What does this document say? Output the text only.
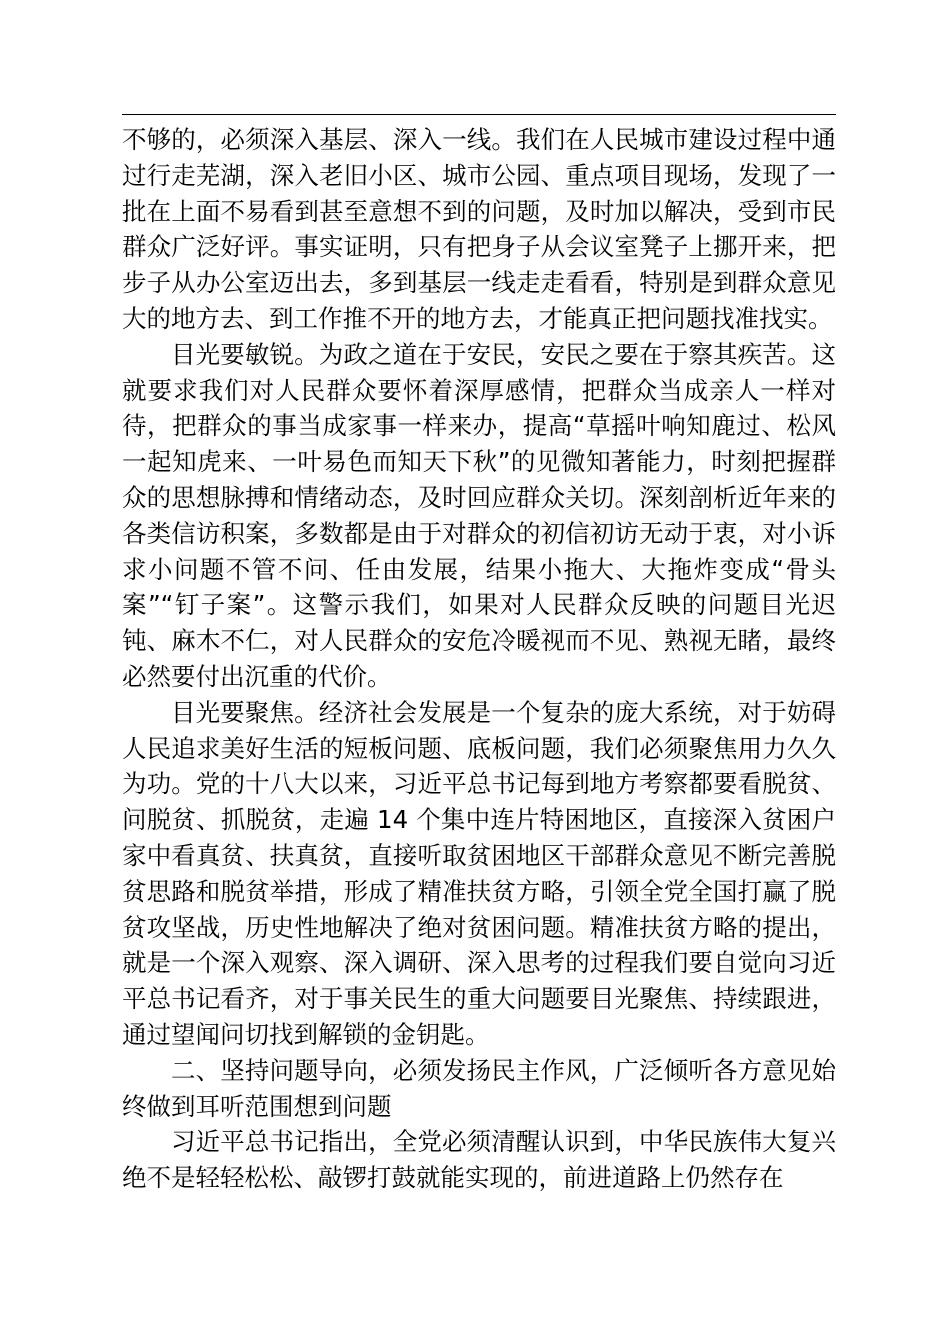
不够的，必须深入基层、深入一线。我们在人民城市建设过程中通过行走芜湖，深入老旧小区、城市公园、重点项目现场，发现了一批在上面不易看到甚至意想不到的问题，及时加以解决，受到市民群众广泛好评。事实证明，只有把身子从会议室凳子上挪开来，把步子从办公室迈出去，多到基层一线走走看看，特别是到群众意见大的地方去、到工作推不开的地方去，才能真正把问题找准找实。

目光要敏锐。为政之道在于安民，安民之要在于察其疾苦。这就要求我们对人民群众要怀着深厚感情，把群众当成亲人一样对待，把群众的事当成家事一样来办，提高“草摇叶响知鹿过、松风一起知虎来、一叶易色而知天下秋”的见微知著能力，时刻把握群众的思想脉搏和情绪动态，及时回应群众关切。深刻剖析近年来的各类信访积案，多数都是由于对群众的初信初访无动于衷，对小诉求小问题不管不问、任由发展，结果小拖大、大拖炸变成“骨头案”“钉子案”。这警示我们，如果对人民群众反映的问题目光迟钝、麻木不仁，对人民群众的安危冷暖视而不见、熟视无睹，最终必然要付出沉重的代价。

目光要聚焦。经济社会发展是一个复杂的庞大系统，对于妨碍人民追求美好生活的短板问题、底板问题，我们必须聚焦用力久久为功。党的十八大以来，习近平总书记每到地方考察都要看脱贫、问脱贫、抓脱贫，走遍 14 个集中连片特困地区，直接深入贫困户家中看真贫、扶真贫，直接听取贫困地区干部群众意见不断完善脱贫思路和脱贫举措，形成了精准扶贫方略，引领全党全国打赢了脱贫攻坚战，历史性地解决了绝对贫困问题。精准扶贫方略的提出，就是一个深入观察、深入调研、深入思考的过程我们要自觉向习近平总书记看齐，对于事关民生的重大问题要目光聚焦、持续跟进，通过望闻问切找到解锁的金钥匙。

二、坚持问题导向，必须发扬民主作风，广泛倾听各方意见始终做到耳听范围想到问题

习近平总书记指出，全党必须清醒认识到，中华民族伟大复兴绝不是轻轻松松、敲锣打鼓就能实现的，前进道路上仍然存在
